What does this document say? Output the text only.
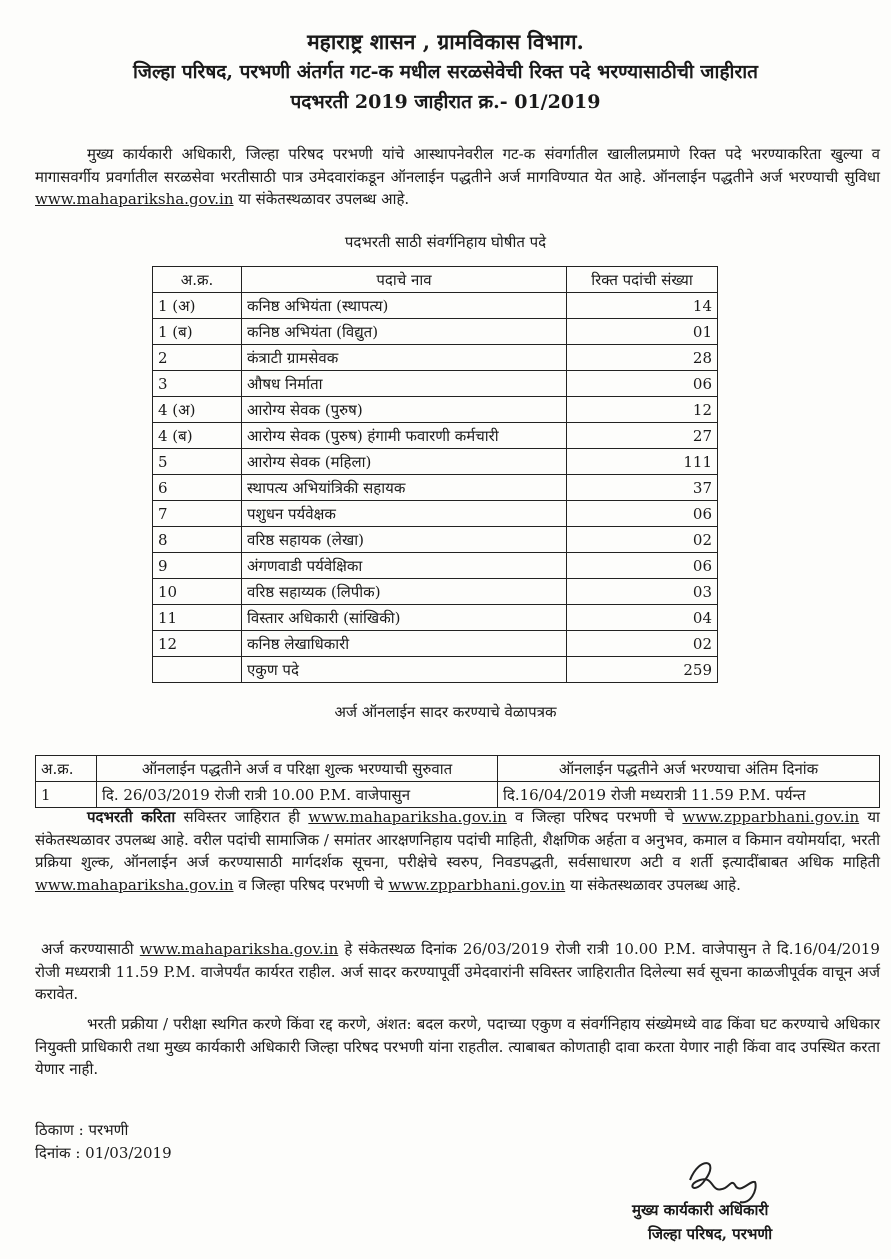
महाराष्ट्र शासन , ग्रामविकास विभाग.
जिल्हा परिषद, परभणी अंतर्गत गट-क मधील सरळसेवेची रिक्त पदे भरण्यासाठीची जाहीरात
पदभरती 2019 जाहीरात क्र.- 01/2019
मुख्य कार्यकारी अधिकारी, जिल्हा परिषद परभणी यांचे आस्थापनेवरील गट-क संवर्गातील खालीलप्रमाणे रिक्त पदे भरण्याकरिता खुल्या व मागासवर्गीय प्रवर्गातील सरळसेवा भरतीसाठी पात्र उमेदवारांकडून ऑनलाईन पद्धतीने अर्ज मागविण्यात येत आहे. ऑनलाईन पद्धतीने अर्ज भरण्याची सुविधा www.mahapariksha.gov.in या संकेतस्थळावर उपलब्ध आहे.
पदभरती साठी संवर्गनिहाय घोषीत पदे
अ.क्र.	पदाचे नाव	रिक्त पदांची संख्या
1 (अ)	कनिष्ठ अभियंता (स्थापत्य)	14
1 (ब)	कनिष्ठ अभियंता (विद्युत)	01
2	कंत्राटी ग्रामसेवक	28
3	औषध निर्माता	06
4 (अ)	आरोग्य सेवक (पुरुष)	12
4 (ब)	आरोग्य सेवक (पुरुष) हंगामी फवारणी कर्मचारी	27
5	आरोग्य सेवक (महिला)	111
6	स्थापत्य अभियांत्रिकी सहायक	37
7	पशुधन पर्यवेक्षक	06
8	वरिष्ठ सहायक (लेखा)	02
9	अंगणवाडी पर्यवेक्षिका	06
10	वरिष्ठ सहाय्यक (लिपीक)	03
11	विस्तार अधिकारी (सांखिकी)	04
12	कनिष्ठ लेखाधिकारी	02
	एकुण पदे	259
अर्ज ऑनलाईन सादर करण्याचे वेळापत्रक
अ.क्र.	ऑनलाईन पद्धतीने अर्ज व परिक्षा शुल्क भरण्याची सुरुवात	ऑनलाईन पद्धतीने अर्ज भरण्याचा अंतिम दिनांक
1	दि. 26/03/2019 रोजी रात्री 10.00 P.M. वाजेपासुन	दि.16/04/2019 रोजी मध्यरात्री 11.59 P.M. पर्यन्त
पदभरती करिता सविस्तर जाहिरात ही www.mahapariksha.gov.in व जिल्हा परिषद परभणी चे www.zpparbhani.gov.in या संकेतस्थळावर उपलब्ध आहे. वरील पदांची सामाजिक / समांतर आरक्षणनिहाय पदांची माहिती, शैक्षणिक अर्हता व अनुभव, कमाल व किमान वयोमर्यादा, भरती प्रक्रिया शुल्क, ऑनलाईन अर्ज करण्यासाठी मार्गदर्शक सूचना, परीक्षेचे स्वरुप, निवडपद्धती, सर्वसाधारण अटी व शर्ती इत्यादींबाबत अधिक माहिती www.mahapariksha.gov.in व जिल्हा परिषद परभणी चे www.zpparbhani.gov.in या संकेतस्थळावर उपलब्ध आहे.
अर्ज करण्यासाठी www.mahapariksha.gov.in हे संकेतस्थळ दिनांक 26/03/2019 रोजी रात्री 10.00 P.M. वाजेपासुन ते दि.16/04/2019 रोजी मध्यरात्री 11.59 P.M. वाजेपर्यंत कार्यरत राहील. अर्ज सादर करण्यापूर्वी उमेदवारांनी सविस्तर जाहिरातीत दिलेल्या सर्व सूचना काळजीपूर्वक वाचून अर्ज करावेत.
भरती प्रक्रीया / परीक्षा स्थगित करणे किंवा रद्द करणे, अंशत: बदल करणे, पदाच्या एकुण व संवर्गनिहाय संख्येमध्ये वाढ किंवा घट करण्याचे अधिकार नियुक्ती प्राधिकारी तथा मुख्य कार्यकारी अधिकारी जिल्हा परिषद परभणी यांना राहतील. त्याबाबत कोणताही दावा करता येणार नाही किंवा वाद उपस्थित करता येणार नाही.
ठिकाण : परभणी
दिनांक : 01/03/2019
मुख्य कार्यकारी अधिकारी
जिल्हा परिषद, परभणी
